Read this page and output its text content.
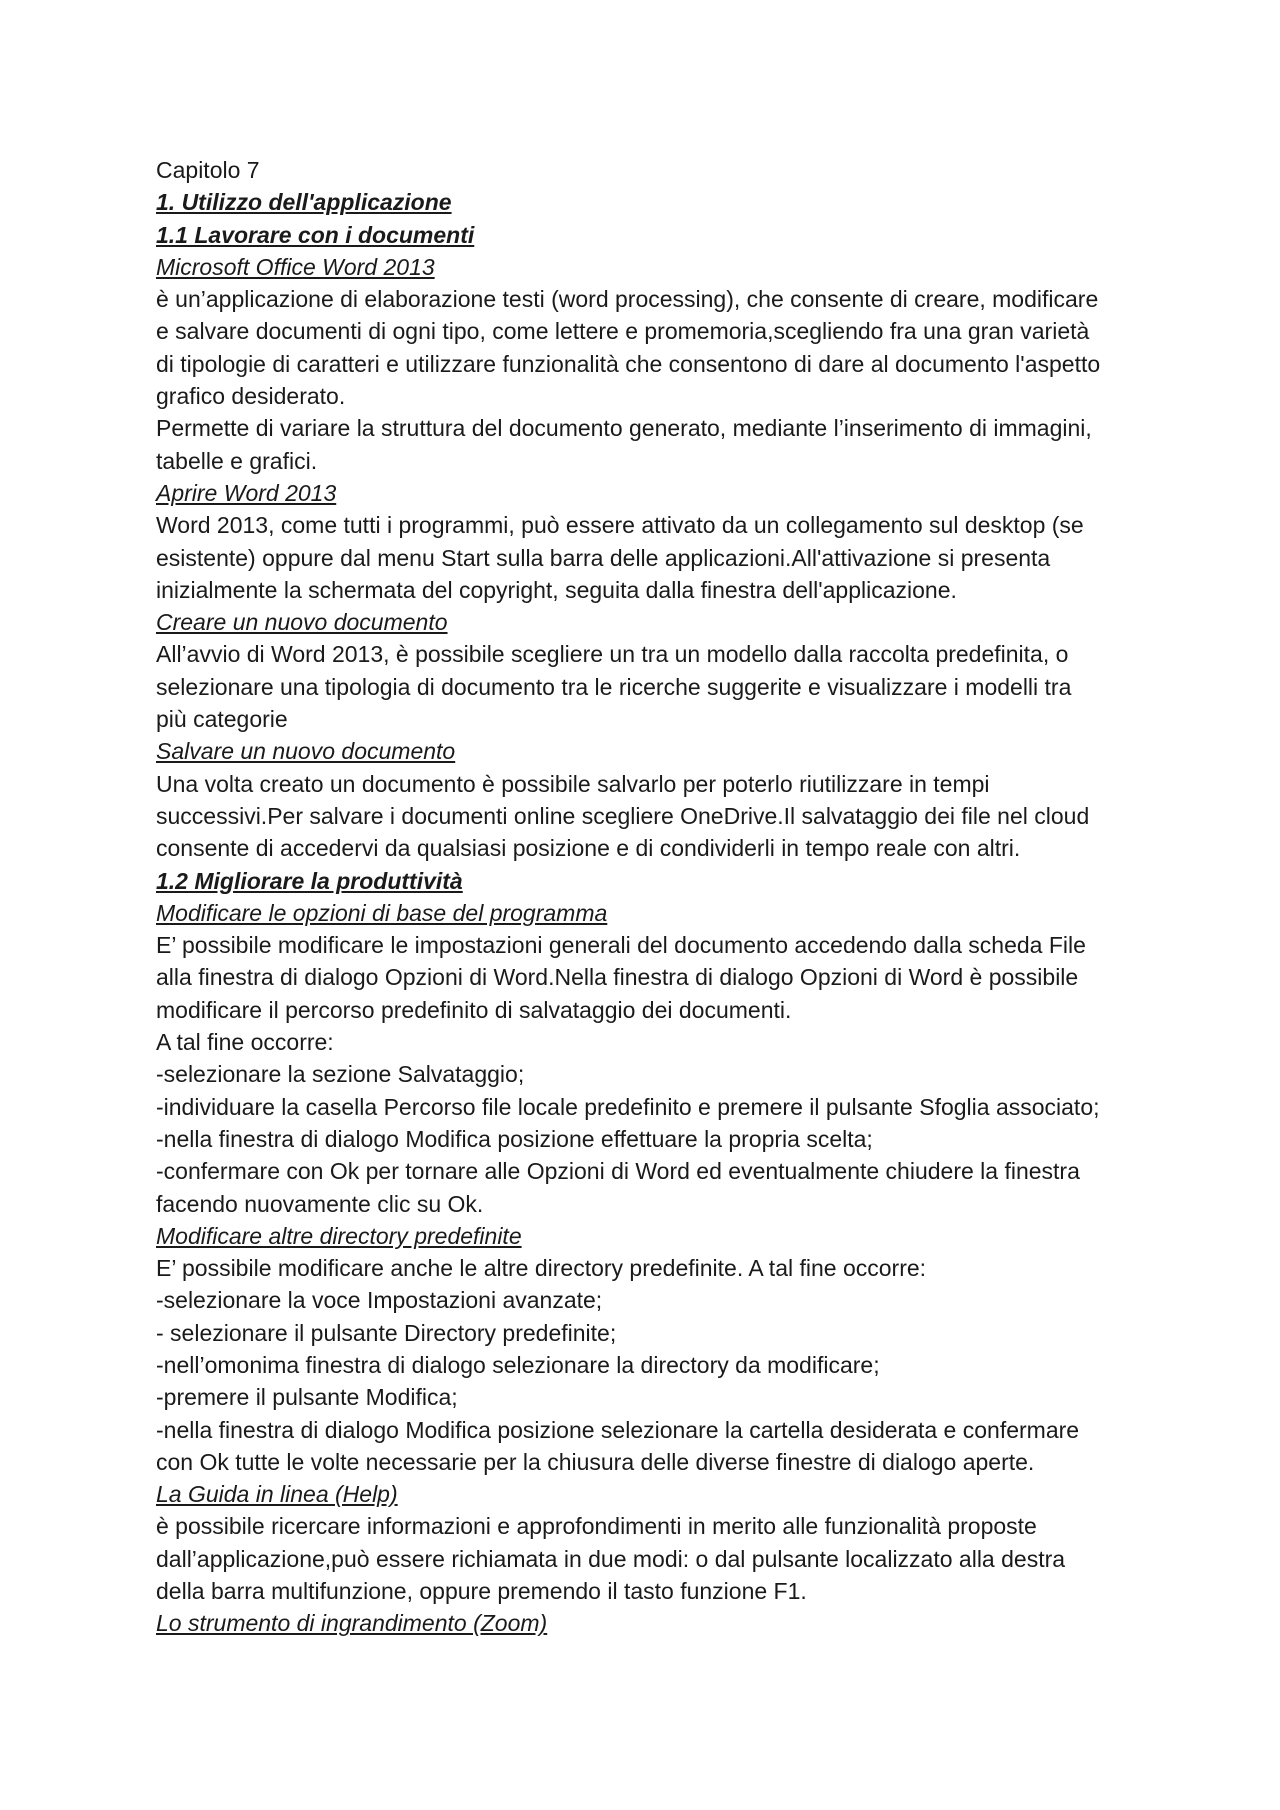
Capitolo 7
1. Utilizzo dell'applicazione
1.1 Lavorare con i documenti
Microsoft Office Word 2013
è un’applicazione di elaborazione testi (word processing), che consente di creare, modificare
e salvare documenti di ogni tipo, come lettere e promemoria,scegliendo fra una gran varietà
di tipologie di caratteri e utilizzare funzionalità che consentono di dare al documento l'aspetto
grafico desiderato.
Permette di variare la struttura del documento generato, mediante l’inserimento di immagini,
tabelle e grafici.
Aprire Word 2013
Word 2013, come tutti i programmi, può essere attivato da un collegamento sul desktop (se
esistente) oppure dal menu Start sulla barra delle applicazioni.All'attivazione si presenta
inizialmente la schermata del copyright, seguita dalla finestra dell'applicazione.
Creare un nuovo documento
All’avvio di Word 2013, è possibile scegliere un tra un modello dalla raccolta predefinita, o
selezionare una tipologia di documento tra le ricerche suggerite e visualizzare i modelli tra
più categorie
Salvare un nuovo documento
Una volta creato un documento è possibile salvarlo per poterlo riutilizzare in tempi
successivi.Per salvare i documenti online scegliere OneDrive.Il salvataggio dei file nel cloud
consente di accedervi da qualsiasi posizione e di condividerli in tempo reale con altri.
1.2 Migliorare la produttività
Modificare le opzioni di base del programma
E’ possibile modificare le impostazioni generali del documento accedendo dalla scheda File
alla finestra di dialogo Opzioni di Word.Nella finestra di dialogo Opzioni di Word è possibile
modificare il percorso predefinito di salvataggio dei documenti.
A tal fine occorre:
-selezionare la sezione Salvataggio;
-individuare la casella Percorso file locale predefinito e premere il pulsante Sfoglia associato;
-nella finestra di dialogo Modifica posizione effettuare la propria scelta;
-confermare con Ok per tornare alle Opzioni di Word ed eventualmente chiudere la finestra
facendo nuovamente clic su Ok.
Modificare altre directory predefinite
E’ possibile modificare anche le altre directory predefinite. A tal fine occorre:
-selezionare la voce Impostazioni avanzate;
- selezionare il pulsante Directory predefinite;
-nell’omonima finestra di dialogo selezionare la directory da modificare;
-premere il pulsante Modifica;
-nella finestra di dialogo Modifica posizione selezionare la cartella desiderata e confermare
con Ok tutte le volte necessarie per la chiusura delle diverse finestre di dialogo aperte.
La Guida in linea (Help)
è possibile ricercare informazioni e approfondimenti in merito alle funzionalità proposte
dall’applicazione,può essere richiamata in due modi: o dal pulsante localizzato alla destra
della barra multifunzione, oppure premendo il tasto funzione F1.
Lo strumento di ingrandimento (Zoom)
